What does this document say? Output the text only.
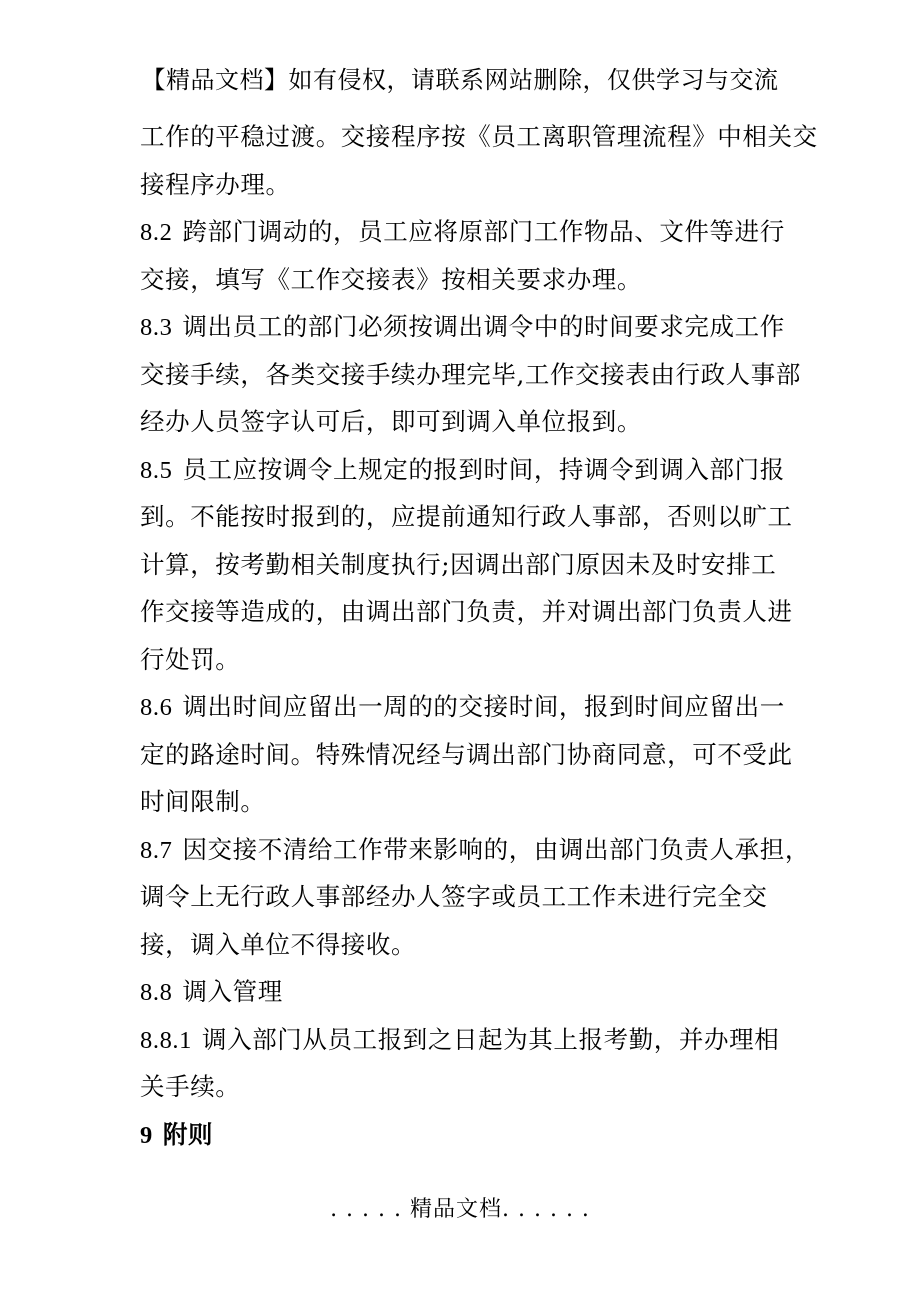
【精品文档】如有侵权，请联系网站删除，仅供学习与交流
工作的平稳过渡。交接程序按《员工离职管理流程》中相关交
接程序办理。
8.2 跨部门调动的，员工应将原部门工作物品、文件等进行
交接，填写《工作交接表》按相关要求办理。
8.3 调出员工的部门必须按调出调令中的时间要求完成工作
交接手续，各类交接手续办理完毕,工作交接表由行政人事部
经办人员签字认可后，即可到调入单位报到。
8.5 员工应按调令上规定的报到时间，持调令到调入部门报
到。不能按时报到的，应提前通知行政人事部，否则以旷工
计算，按考勤相关制度执行;因调出部门原因未及时安排工
作交接等造成的，由调出部门负责，并对调出部门负责人进
行处罚。
8.6 调出时间应留出一周的的交接时间，报到时间应留出一
定的路途时间。特殊情况经与调出部门协商同意，可不受此
时间限制。
8.7 因交接不清给工作带来影响的，由调出部门负责人承担，
调令上无行政人事部经办人签字或员工工作未进行完全交
接，调入单位不得接收。
8.8 调入管理
8.8.1 调入部门从员工报到之日起为其上报考勤，并办理相
关手续。
9 附则
. . . . . 精品文档. . . . . .
